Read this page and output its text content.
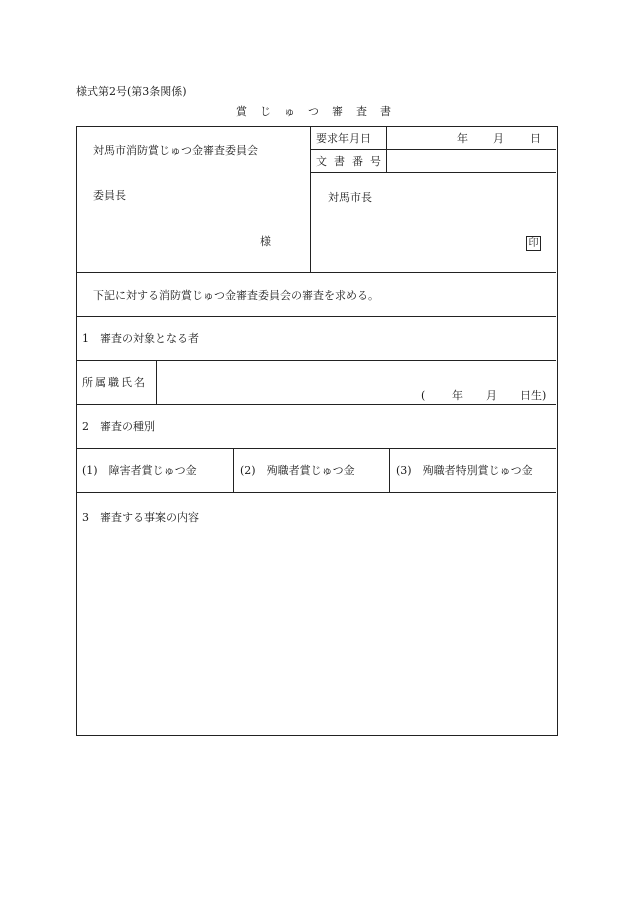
様式第2号(第3条関係)
賞じゅつ審査書
対馬市消防賞じゅつ金審査委員会
委員長
様
要求年月日	年 月 日
文書番号
対馬市長
印
下記に対する消防賞じゅつ金審査委員会の審査を求める。
1　審査の対象となる者
所属職氏名
( 年 月 日生)
2　審査の種別
(1)　障害者賞じゅつ金	(2)　殉職者賞じゅつ金	(3)　殉職者特別賞じゅつ金
3　審査する事案の内容
